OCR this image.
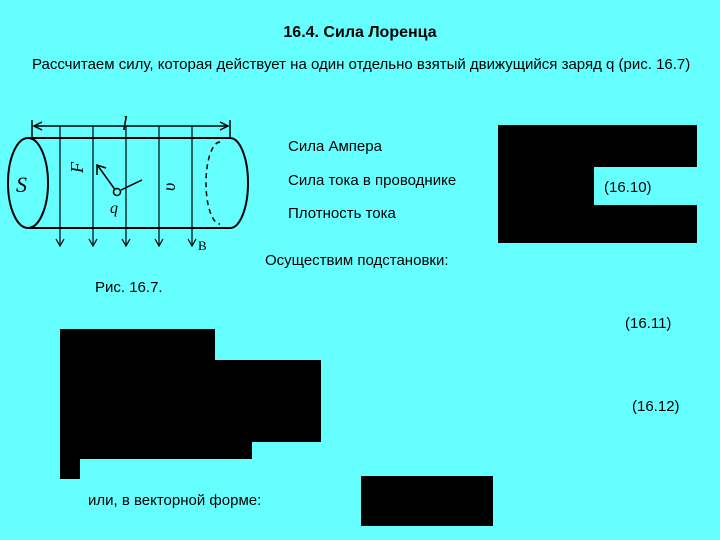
16.4. Сила Лоренца
Рассчитаем силу, которая действует на один отдельно взятый движущийся заряд q (рис. 16.7)
l
S
F
q
υ
B
Рис. 16.7.
Сила Ампера
Сила тока в проводнике
Плотность тока
(16.10)
Осуществим подстановки:
(16.11)
(16.12)
или, в векторной форме:
